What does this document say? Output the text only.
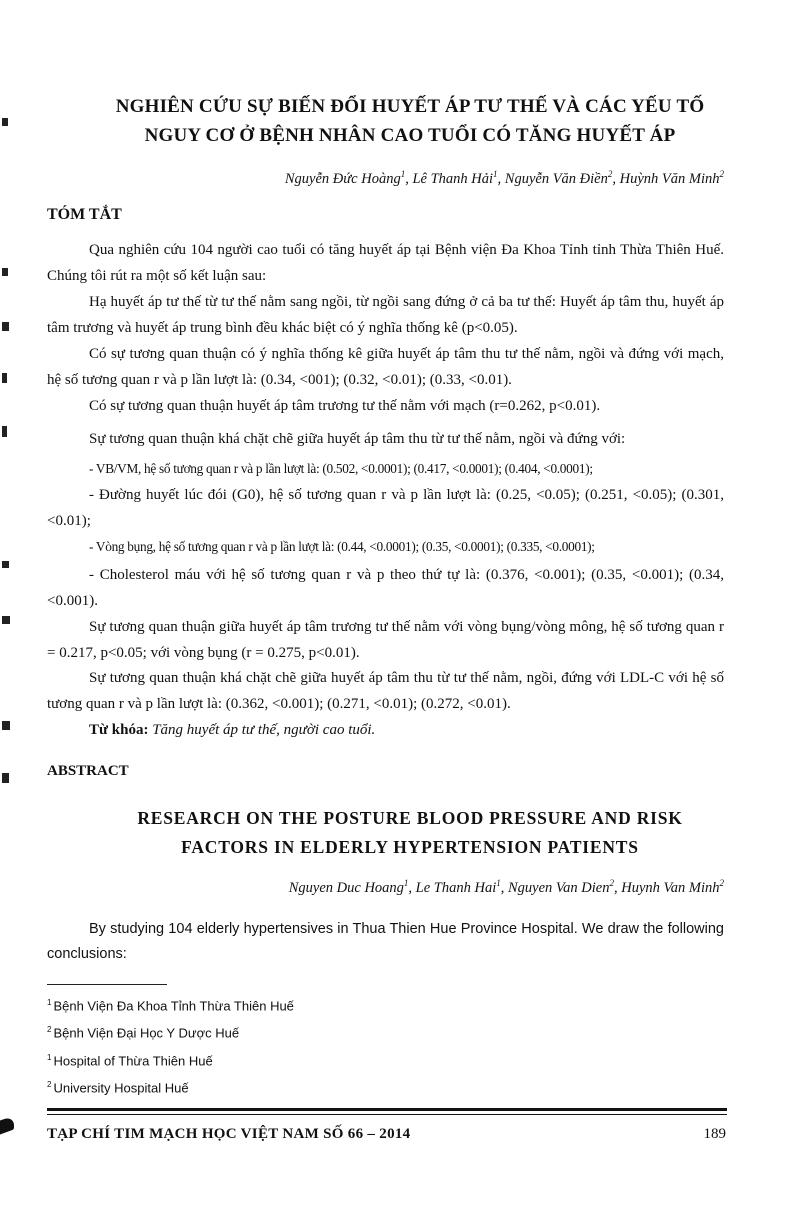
NGHIÊN CỨU SỰ BIẾN ĐỔI HUYẾT ÁP TƯ THẾ VÀ CÁC YẾU TỐ
NGUY CƠ Ở BỆNH NHÂN CAO TUỔI CÓ TĂNG HUYẾT ÁP
Nguyễn Đức Hoàng$^1$, Lê Thanh Hải$^1$, Nguyễn Văn Điền$^2$, Huỳnh Văn Minh$^2$
TÓM TẮT
Qua nghiên cứu 104 người cao tuổi có tăng huyết áp tại Bệnh viện Đa Khoa Tỉnh tỉnh Thừa Thiên Huế. Chúng tôi rút ra một số kết luận sau:
Hạ huyết áp tư thế từ tư thế nằm sang ngồi, từ ngồi sang đứng ở cả ba tư thế: Huyết áp tâm thu, huyết áp tâm trương và huyết áp trung bình đều khác biệt có ý nghĩa thống kê (p<0.05).
Có sự tương quan thuận có ý nghĩa thống kê giữa huyết áp tâm thu tư thế nằm, ngồi và đứng với mạch, hệ số tương quan r và p lần lượt là: (0.34, <001); (0.32, <0.01); (0.33, <0.01).
Có sự tương quan thuận huyết áp tâm trương tư thế nằm với mạch (r=0.262, p<0.01).
Sự tương quan thuận khá chặt chẽ giữa huyết áp tâm thu từ tư thế nằm, ngồi và đứng với:
- VB/VM, hệ số tương quan r và p lần lượt là: (0.502, <0.0001); (0.417, <0.0001); (0.404, <0.0001);
- Đường huyết lúc đói (G0), hệ số tương quan r và p lần lượt là: (0.25, <0.05); (0.251, <0.05); (0.301, <0.01);
- Vòng bụng, hệ số tương quan r và p lần lượt là: (0.44, <0.0001); (0.35, <0.0001); (0.335, <0.0001);
- Cholesterol máu với hệ số tương quan r và p theo thứ tự là: (0.376, <0.001); (0.35, <0.001); (0.34, <0.001).
Sự tương quan thuận giữa huyết áp tâm trương tư thế nằm với vòng bụng/vòng mông, hệ số tương quan r = 0.217, p<0.05; với vòng bụng (r = 0.275, p<0.01).
Sự tương quan thuận khá chặt chẽ giữa huyết áp tâm thu từ tư thế nằm, ngồi, đứng với LDL-C với hệ số tương quan r và p lần lượt là: (0.362, <0.001); (0.271, <0.01); (0.272, <0.01).
Từ khóa: Tăng huyết áp tư thế, người cao tuổi.
ABSTRACT
RESEARCH ON THE POSTURE BLOOD PRESSURE AND RISK
FACTORS IN ELDERLY HYPERTENSION PATIENTS
Nguyen Duc Hoang$^1$, Le Thanh Hai$^1$, Nguyen Van Dien$^2$, Huynh Van Minh$^2$
By studying 104 elderly hypertensives in Thua Thien Hue Province Hospital. We draw the following conclusions:
$^1$ Bệnh Viện Đa Khoa Tỉnh Thừa Thiên Huế
$^2$ Bệnh Viện Đại Học Y Dược Huế
$^1$ Hospital of Thừa Thiên Huế
$^2$ University Hospital Huế
TẠP CHÍ TIM MẠCH HỌC VIỆT NAM SỐ 66 – 2014	189
